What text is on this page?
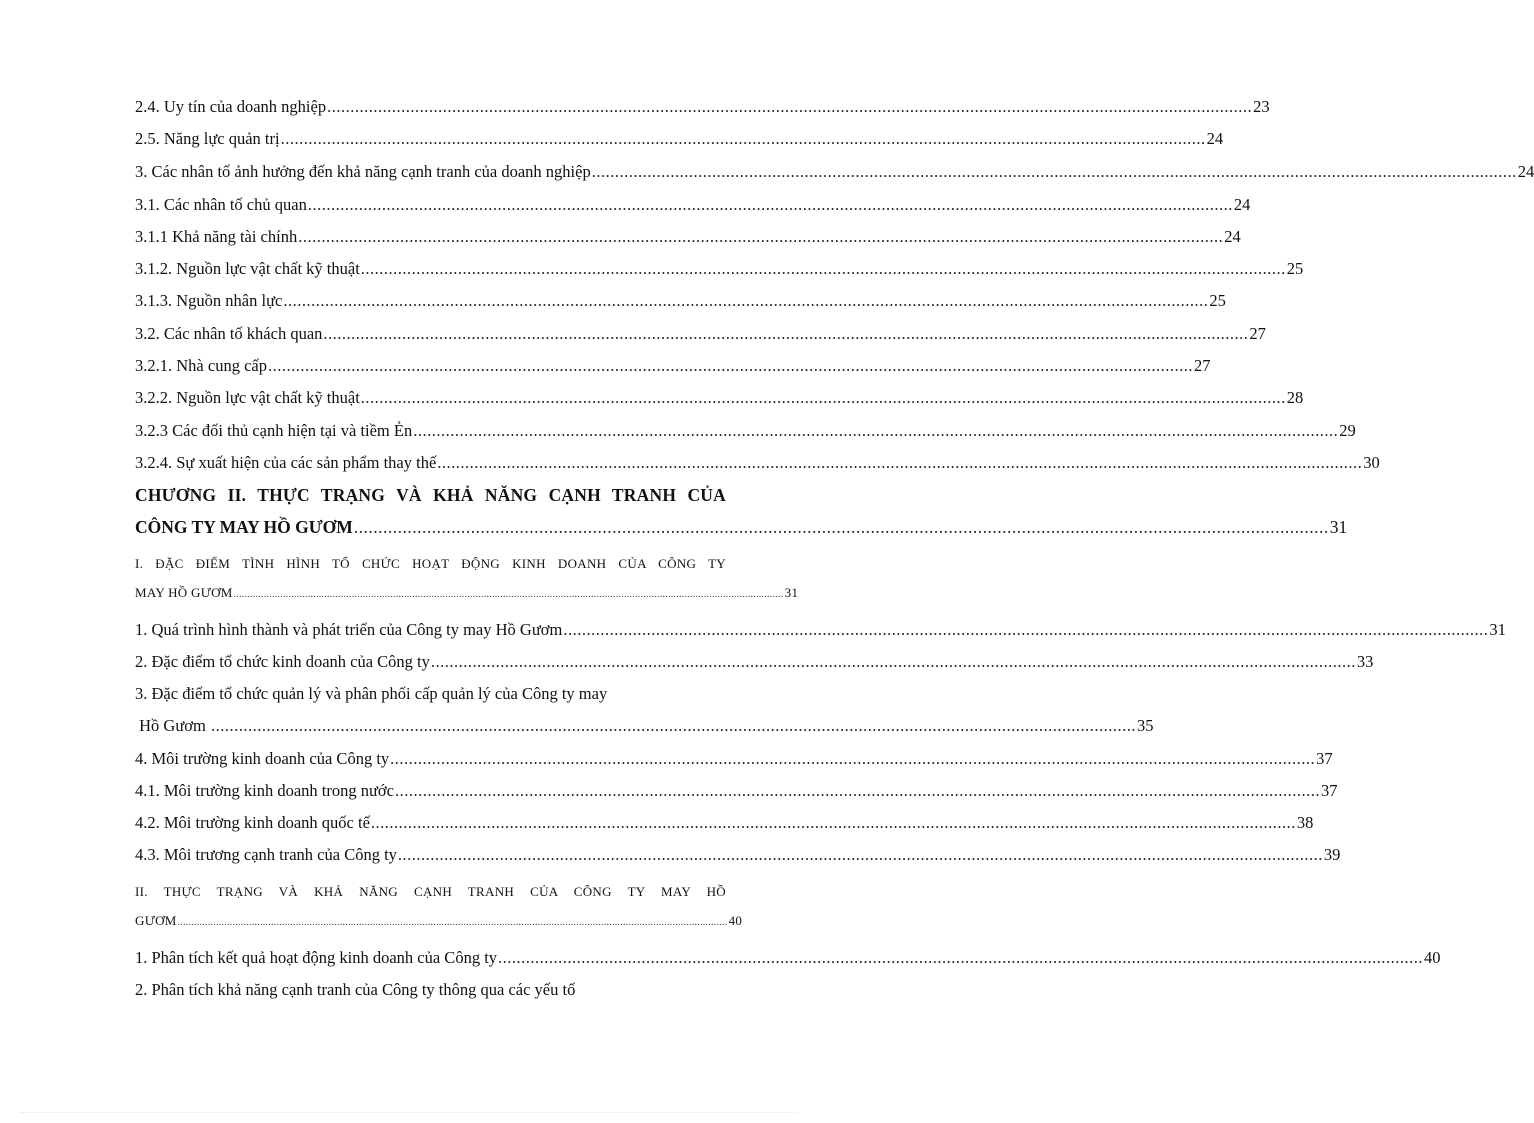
2.4. Uy tín của doanh nghiệp ........................................................................................................................................................................................................ 23
2.5. Năng lực quản trị ........................................................................................................................................................................................................ 24
3. Các nhân tố ảnh hưởng đến khả năng cạnh tranh của doanh nghiệp ........................................................................................................................................................................................................ 24
3.1. Các nhân tố chủ quan ........................................................................................................................................................................................................ 24
3.1.1 Khả năng tài chính ........................................................................................................................................................................................................ 24
3.1.2. Nguồn lực vật chất kỹ thuật ........................................................................................................................................................................................................ 25
3.1.3. Nguồn nhân lực ........................................................................................................................................................................................................ 25
3.2. Các nhân tố khách quan ........................................................................................................................................................................................................ 27
3.2.1. Nhà cung cấp ........................................................................................................................................................................................................ 27
3.2.2. Nguồn lực vật chất kỹ thuật ........................................................................................................................................................................................................ 28
3.2.3 Các đối thủ cạnh hiện tại và tiềm Ẻn ........................................................................................................................................................................................................ 29
3.2.4. Sự xuất hiện của các sản phẩm thay thế ........................................................................................................................................................................................................ 30
CHƯƠNG II. THỰC TRẠNG VÀ KHẢ NĂNG CẠNH TRANH CỦA
CÔNG TY MAY HỒ GƯƠM ........................................................................................................................................................................................................ 31
I. ĐẶC ĐIỂM TÌNH HÌNH TỔ CHỨC HOẠT ĐỘNG KINH DOANH CỦA CÔNG TY
MAY HỒ GƯƠM ........................................................................................................................................................................................................ 31
1. Quá trình hình thành và phát triển của Công ty may Hồ Gươm ........................................................................................................................................................................................................ 31
2. Đặc điểm tổ chức kinh doanh của Công ty ........................................................................................................................................................................................................ 33
3. Đặc điểm tổ chức quản lý và phân phối cấp quản lý của Công ty may
Hồ Gươm ........................................................................................................................................................................................................ 35
4. Môi trường kinh doanh của Công ty ........................................................................................................................................................................................................ 37
4.1. Môi trường kinh doanh trong nước ........................................................................................................................................................................................................ 37
4.2. Môi trường kinh doanh quốc tế ........................................................................................................................................................................................................ 38
4.3. Môi trương cạnh tranh của Công ty ........................................................................................................................................................................................................ 39
II. THỰC TRẠNG VÀ KHẢ NĂNG CẠNH TRANH CỦA CÔNG TY MAY HỒ
GƯƠM ........................................................................................................................................................................................................ 40
1. Phân tích kết quả hoạt động kinh doanh của Công ty ........................................................................................................................................................................................................ 40
2. Phân tích khả năng cạnh tranh của Công ty thông qua các yếu tố
